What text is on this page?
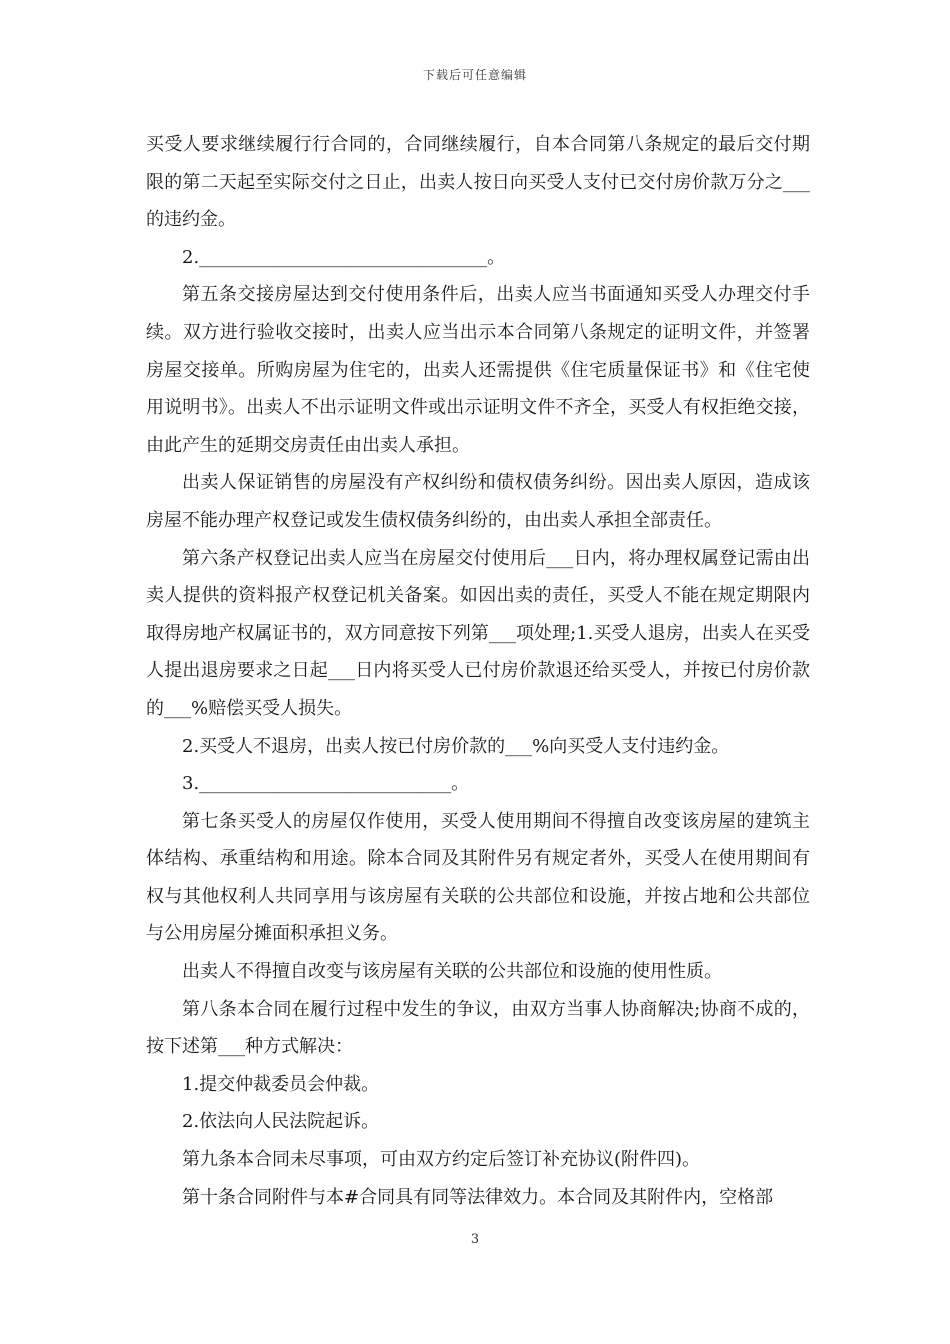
下载后可任意编辑

买受人要求继续履行行合同的，合同继续履行，自本合同第八条规定的最后交付期限的第二天起至实际交付之日止，出卖人按日向买受人支付已交付房价款万分之___的违约金。

2.________________________________。

第五条交接房屋达到交付使用条件后，出卖人应当书面通知买受人办理交付手续。双方进行验收交接时，出卖人应当出示本合同第八条规定的证明文件，并签署房屋交接单。所购房屋为住宅的，出卖人还需提供《住宅质量保证书》和《住宅使用说明书》。出卖人不出示证明文件或出示证明文件不齐全，买受人有权拒绝交接，由此产生的延期交房责任由出卖人承担。

出卖人保证销售的房屋没有产权纠纷和债权债务纠纷。因出卖人原因，造成该房屋不能办理产权登记或发生债权债务纠纷的，由出卖人承担全部责任。

第六条产权登记出卖人应当在房屋交付使用后___日内，将办理权属登记需由出卖人提供的资料报产权登记机关备案。如因出卖的责任，买受人不能在规定期限内取得房地产权属证书的，双方同意按下列第___项处理;1.买受人退房，出卖人在买受人提出退房要求之日起___日内将买受人已付房价款退还给买受人，并按已付房价款的___%赔偿买受人损失。

2.买受人不退房，出卖人按已付房价款的___%向买受人支付违约金。

3.____________________________。

第七条买受人的房屋仅作使用，买受人使用期间不得擅自改变该房屋的建筑主体结构、承重结构和用途。除本合同及其附件另有规定者外，买受人在使用期间有权与其他权利人共同享用与该房屋有关联的公共部位和设施，并按占地和公共部位与公用房屋分摊面积承担义务。

出卖人不得擅自改变与该房屋有关联的公共部位和设施的使用性质。

第八条本合同在履行过程中发生的争议，由双方当事人协商解决;协商不成的，按下述第___种方式解决：

1.提交仲裁委员会仲裁。

2.依法向人民法院起诉。

第九条本合同未尽事项，可由双方约定后签订补充协议(附件四)。

第十条合同附件与本#合同具有同等法律效力。本合同及其附件内，空格部

3
